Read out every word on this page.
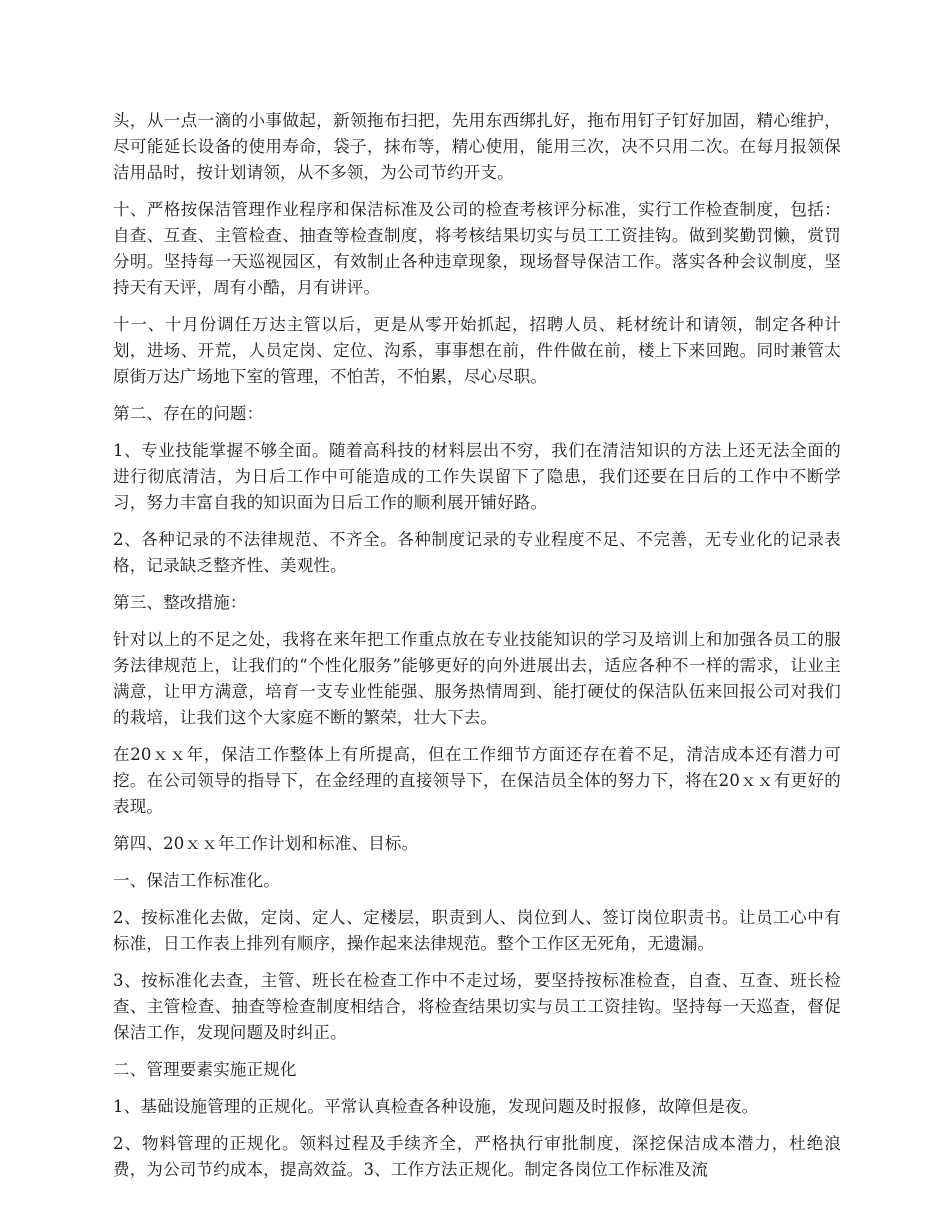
头，从一点一滴的小事做起，新领拖布扫把，先用东西绑扎好，拖布用钉子钉好加固，精心维护，尽可能延长设备的使用寿命，袋子，抹布等，精心使用，能用三次，决不只用二次。在每月报领保洁用品时，按计划请领，从不多领，为公司节约开支。

十、严格按保洁管理作业程序和保洁标准及公司的检查考核评分标准，实行工作检查制度，包括：自查、互查、主管检查、抽查等检查制度，将考核结果切实与员工工资挂钩。做到奖勤罚懒，赏罚分明。坚持每一天巡视园区，有效制止各种违章现象，现场督导保洁工作。落实各种会议制度，坚持天有天评，周有小酷，月有讲评。

十一、十月份调任万达主管以后，更是从零开始抓起，招聘人员、耗材统计和请领，制定各种计划，进场、开荒，人员定岗、定位、沟系，事事想在前，件件做在前，楼上下来回跑。同时兼管太原街万达广场地下室的管理，不怕苦，不怕累，尽心尽职。

第二、存在的问题：

1、专业技能掌握不够全面。随着高科技的材料层出不穷，我们在清洁知识的方法上还无法全面的进行彻底清洁，为日后工作中可能造成的工作失误留下了隐患，我们还要在日后的工作中不断学习，努力丰富自我的知识面为日后工作的顺利展开铺好路。

2、各种记录的不法律规范、不齐全。各种制度记录的专业程度不足、不完善，无专业化的记录表格，记录缺乏整齐性、美观性。

第三、整改措施：

针对以上的不足之处，我将在来年把工作重点放在专业技能知识的学习及培训上和加强各员工的服务法律规范上，让我们的“个性化服务”能够更好的向外进展出去，适应各种不一样的需求，让业主满意，让甲方满意，培育一支专业性能强、服务热情周到、能打硬仗的保洁队伍来回报公司对我们的栽培，让我们这个大家庭不断的繁荣，壮大下去。

在20ｘｘ年，保洁工作整体上有所提高，但在工作细节方面还存在着不足，清洁成本还有潜力可挖。在公司领导的指导下，在金经理的直接领导下，在保洁员全体的努力下，将在20ｘｘ有更好的表现。

第四、20ｘｘ年工作计划和标准、目标。

一、保洁工作标准化。

2、按标准化去做，定岗、定人、定楼层，职责到人、岗位到人、签订岗位职责书。让员工心中有标准，日工作表上排列有顺序，操作起来法律规范。整个工作区无死角，无遗漏。

3、按标准化去查，主管、班长在检查工作中不走过场，要坚持按标准检查，自查、互查、班长检查、主管检查、抽查等检查制度相结合，将检查结果切实与员工工资挂钩。坚持每一天巡查，督促保洁工作，发现问题及时纠正。

二、管理要素实施正规化

1、基础设施管理的正规化。平常认真检查各种设施，发现问题及时报修，故障但是夜。

2、物料管理的正规化。领料过程及手续齐全，严格执行审批制度，深挖保洁成本潜力，杜绝浪费，为公司节约成本，提高效益。3、工作方法正规化。制定各岗位工作标准及流
